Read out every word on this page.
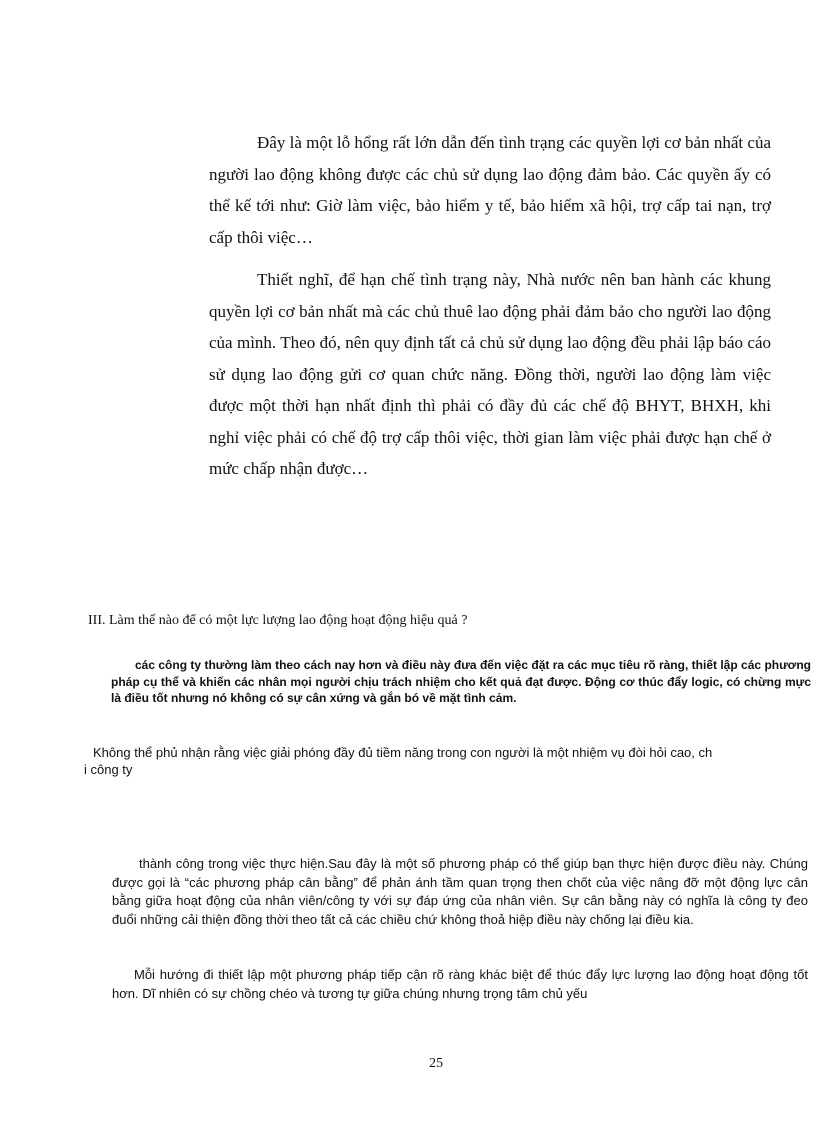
Đây là một lỗ hổng rất lớn dẫn đến tình trạng các quyền lợi cơ bản nhất của người lao động không được các chủ sử dụng lao động đảm bảo. Các quyền ấy có thể kể tới như: Giờ làm việc, bảo hiểm y tế, bảo hiểm xã hội, trợ cấp tai nạn, trợ cấp thôi việc…

Thiết nghĩ, để hạn chế tình trạng này, Nhà nước nên ban hành các khung quyền lợi cơ bản nhất mà các chủ thuê lao động phải đảm bảo cho người lao động của mình. Theo đó, nên quy định tất cả chủ sử dụng lao động đều phải lập báo cáo sử dụng lao động gửi cơ quan chức năng. Đồng thời, người lao động làm việc được một thời hạn nhất định thì phải có đầy đủ các chế độ BHYT, BHXH, khi nghỉ việc phải có chế độ trợ cấp thôi việc, thời gian làm việc phải được hạn chế ở mức chấp nhận được…

III. Làm thế nào để có một lực lượng lao động hoạt động hiệu quả ?

các công ty thường làm theo cách nay hơn và điều này đưa đến việc đặt ra các mục tiêu rõ ràng, thiết lập các phương pháp cụ thể và khiến các nhân mọi người chịu trách nhiệm cho kết quả đạt được. Động cơ thúc đẩy logic, có chừng mực là điều tốt nhưng nó không có sự cân xứng và gắn bó về mặt tình cảm.

Không thể phủ nhận rằng việc giải phóng đầy đủ tiềm năng trong con người là một nhiệm vụ đòi hỏi cao, ch
i công ty

thành công trong việc thực hiện.Sau đây là một số phương pháp có thể giúp bạn thực hiện được điều này. Chúng được gọi là “các phương pháp cân bằng” để phản ánh tầm quan trọng then chốt của việc nâng đỡ một động lực cân bằng giữa hoạt động của nhân viên/công ty với sự đáp ứng của nhân viên. Sự cân bằng này có nghĩa là công ty đeo đuổi những cải thiện đồng thời theo tất cả các chiều chứ không thoả hiệp điều này chống lại điều kia.

Mỗi hướng đi thiết lập một phương pháp tiếp cận rõ ràng khác biệt để thúc đẩy lực lượng lao động hoạt động tốt hơn. Dĩ nhiên có sự chồng chéo và tương tự giữa chúng nhưng trọng tâm chủ yếu

25
